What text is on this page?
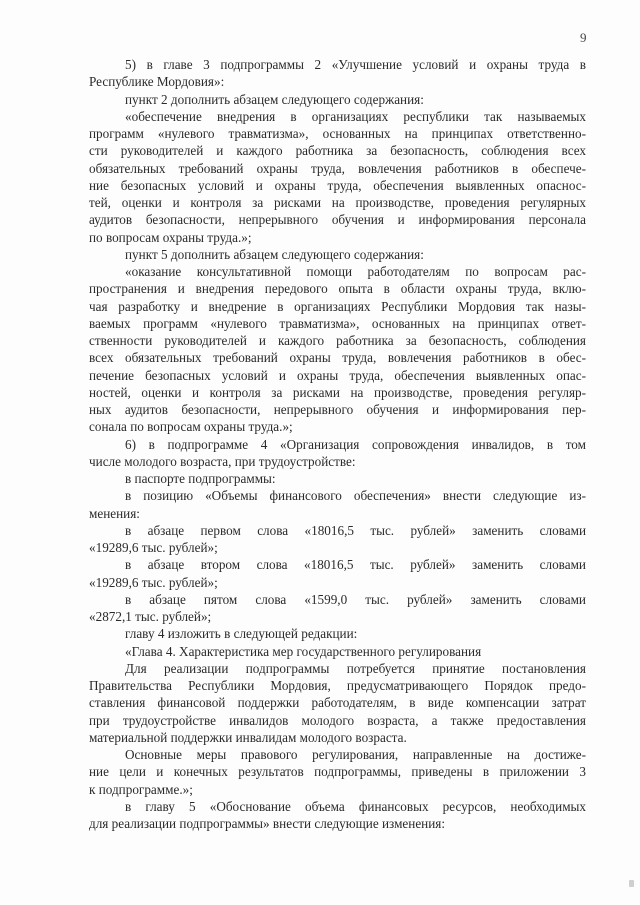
9
5) в главе 3 подпрограммы 2 «Улучшение условий и охраны труда в
Республике Мордовия»:
пункт 2 дополнить абзацем следующего содержания:
«обеспечение внедрения в организациях республики так называемых
программ «нулевого травматизма», основанных на принципах ответственно-
сти руководителей и каждого работника за безопасность, соблюдения всех
обязательных требований охраны труда, вовлечения работников в обеспече-
ние безопасных условий и охраны труда, обеспечения выявленных опаснос-
тей, оценки и контроля за рисками на производстве, проведения регулярных
аудитов безопасности, непрерывного обучения и информирования персонала
по вопросам охраны труда.»;
пункт 5 дополнить абзацем следующего содержания:
«оказание консультативной помощи работодателям по вопросам рас-
пространения и внедрения передового опыта в области охраны труда, вклю-
чая разработку и внедрение в организациях Республики Мордовия так назы-
ваемых программ «нулевого травматизма», основанных на принципах ответ-
ственности руководителей и каждого работника за безопасность, соблюдения
всех обязательных требований охраны труда, вовлечения работников в обес-
печение безопасных условий и охраны труда, обеспечения выявленных опас-
ностей, оценки и контроля за рисками на производстве, проведения регуляр-
ных аудитов безопасности, непрерывного обучения и информирования пер-
сонала по вопросам охраны труда.»;
6) в подпрограмме 4 «Организация сопровождения инвалидов, в том
числе молодого возраста, при трудоустройстве:
в паспорте подпрограммы:
в позицию «Объемы финансового обеспечения» внести следующие из-
менения:
в абзаце первом слова «18016,5 тыс. рублей» заменить словами
«19289,6 тыс. рублей»;
в абзаце втором слова «18016,5 тыс. рублей» заменить словами
«19289,6 тыс. рублей»;
в абзаце пятом слова «1599,0 тыс. рублей» заменить словами
«2872,1 тыс. рублей»;
главу 4 изложить в следующей редакции:
«Глава 4. Характеристика мер государственного регулирования
Для реализации подпрограммы потребуется принятие постановления
Правительства Республики Мордовия, предусматривающего Порядок предо-
ставления финансовой поддержки работодателям, в виде компенсации затрат
при трудоустройстве инвалидов молодого возраста, а также предоставления
материальной поддержки инвалидам молодого возраста.
Основные меры правового регулирования, направленные на достиже-
ние цели и конечных результатов подпрограммы, приведены в приложении 3
к подпрограмме.»;
в главу 5 «Обоснование объема финансовых ресурсов, необходимых
для реализации подпрограммы» внести следующие изменения:
